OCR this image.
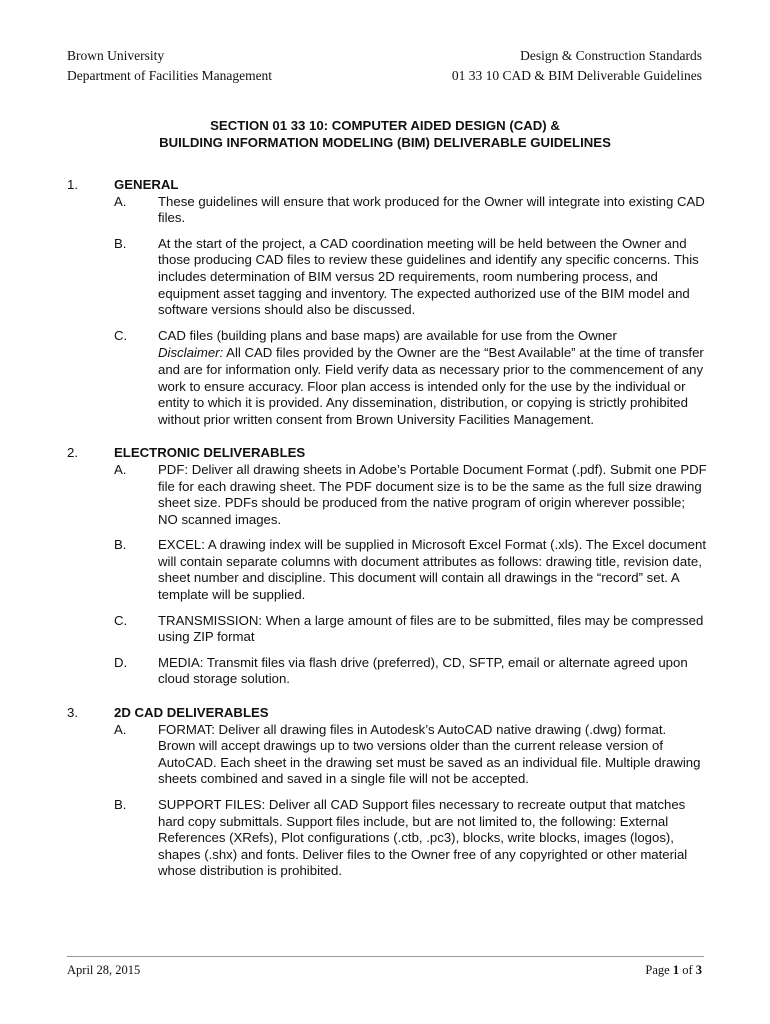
Brown University
Department of Facilities Management
Design & Construction Standards
01 33 10 CAD & BIM Deliverable Guidelines
SECTION 01 33 10: COMPUTER AIDED DESIGN (CAD) &
BUILDING INFORMATION MODELING (BIM) DELIVERABLE GUIDELINES
1.	GENERAL
A. These guidelines will ensure that work produced for the Owner will integrate into existing CAD files.
B. At the start of the project, a CAD coordination meeting will be held between the Owner and those producing CAD files to review these guidelines and identify any specific concerns. This includes determination of BIM versus 2D requirements, room numbering process, and equipment asset tagging and inventory. The expected authorized use of the BIM model and software versions should also be discussed.
C. CAD files (building plans and base maps) are available for use from the Owner
Disclaimer: All CAD files provided by the Owner are the “Best Available” at the time of transfer and are for information only. Field verify data as necessary prior to the commencement of any work to ensure accuracy. Floor plan access is intended only for the use by the individual or entity to which it is provided. Any dissemination, distribution, or copying is strictly prohibited without prior written consent from Brown University Facilities Management.
2.	ELECTRONIC DELIVERABLES
A. PDF: Deliver all drawing sheets in Adobe’s Portable Document Format (.pdf). Submit one PDF file for each drawing sheet. The PDF document size is to be the same as the full size drawing sheet size. PDFs should be produced from the native program of origin wherever possible; NO scanned images.
B. EXCEL: A drawing index will be supplied in Microsoft Excel Format (.xls). The Excel document will contain separate columns with document attributes as follows: drawing title, revision date, sheet number and discipline. This document will contain all drawings in the “record” set. A template will be supplied.
C. TRANSMISSION: When a large amount of files are to be submitted, files may be compressed using ZIP format
D. MEDIA: Transmit files via flash drive (preferred), CD, SFTP, email or alternate agreed upon cloud storage solution.
3.	2D CAD DELIVERABLES
A. FORMAT: Deliver all drawing files in Autodesk’s AutoCAD native drawing (.dwg) format. Brown will accept drawings up to two versions older than the current release version of AutoCAD. Each sheet in the drawing set must be saved as an individual file. Multiple drawing sheets combined and saved in a single file will not be accepted.
B. SUPPORT FILES: Deliver all CAD Support files necessary to recreate output that matches hard copy submittals. Support files include, but are not limited to, the following: External References (XRefs), Plot configurations (.ctb, .pc3), blocks, write blocks, images (logos), shapes (.shx) and fonts. Deliver files to the Owner free of any copyrighted or other material whose distribution is prohibited.
April 28, 2015	Page 1 of 3
